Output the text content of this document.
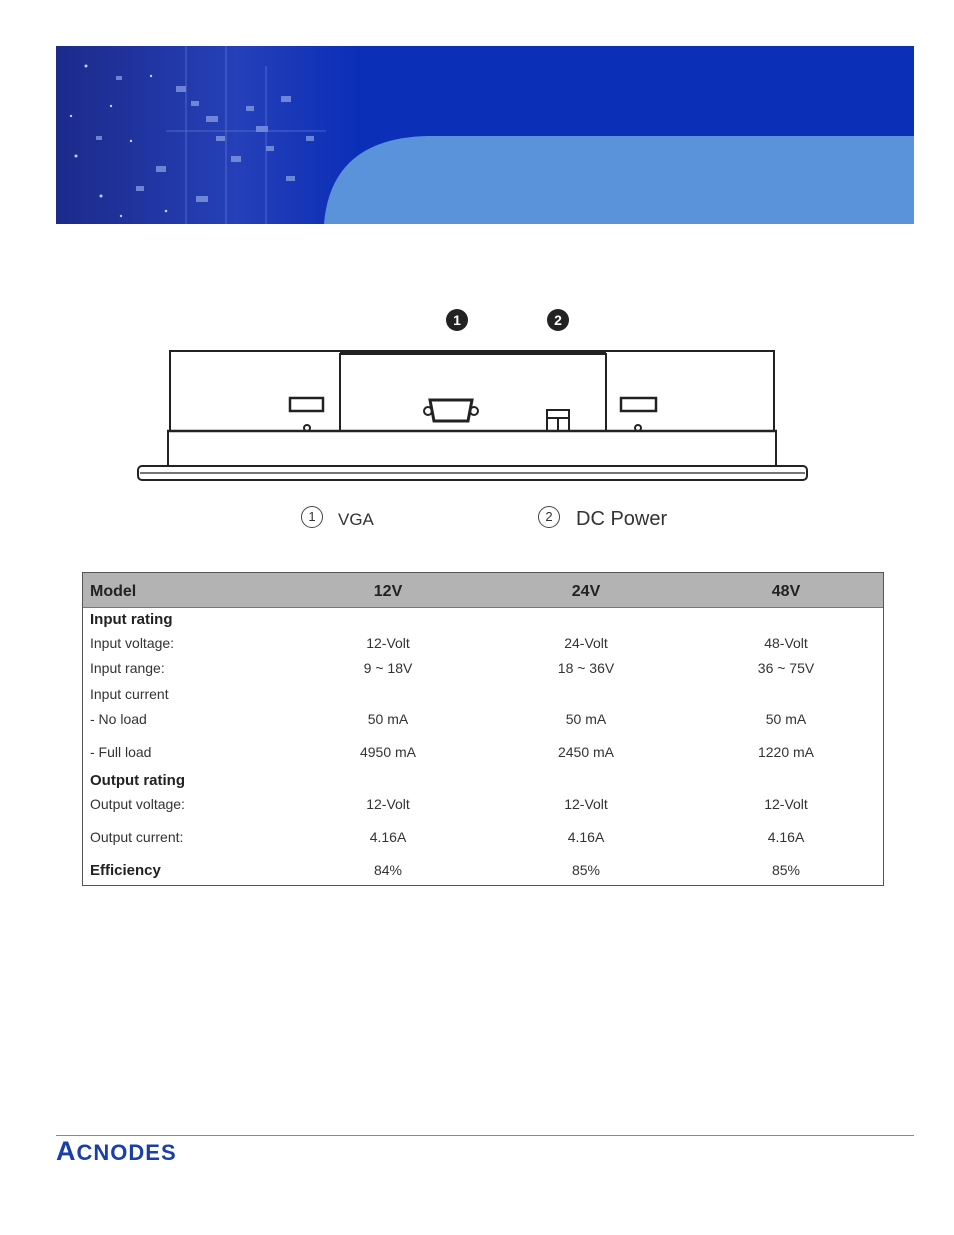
1	2
1	VGA	2	DC Power
Model	12V	24V	48V
Input rating
Input voltage:	12-Volt	24-Volt	48-Volt
Input range:	9 ~ 18V	18 ~ 36V	36 ~ 75V
Input current
- No load	50 mA	50 mA	50 mA
- Full load	4950 mA	2450 mA	1220 mA
Output rating
Output voltage:	12-Volt	12-Volt	12-Volt
Output current:	4.16A	4.16A	4.16A
Efficiency	84%	85%	85%
ACNODES
